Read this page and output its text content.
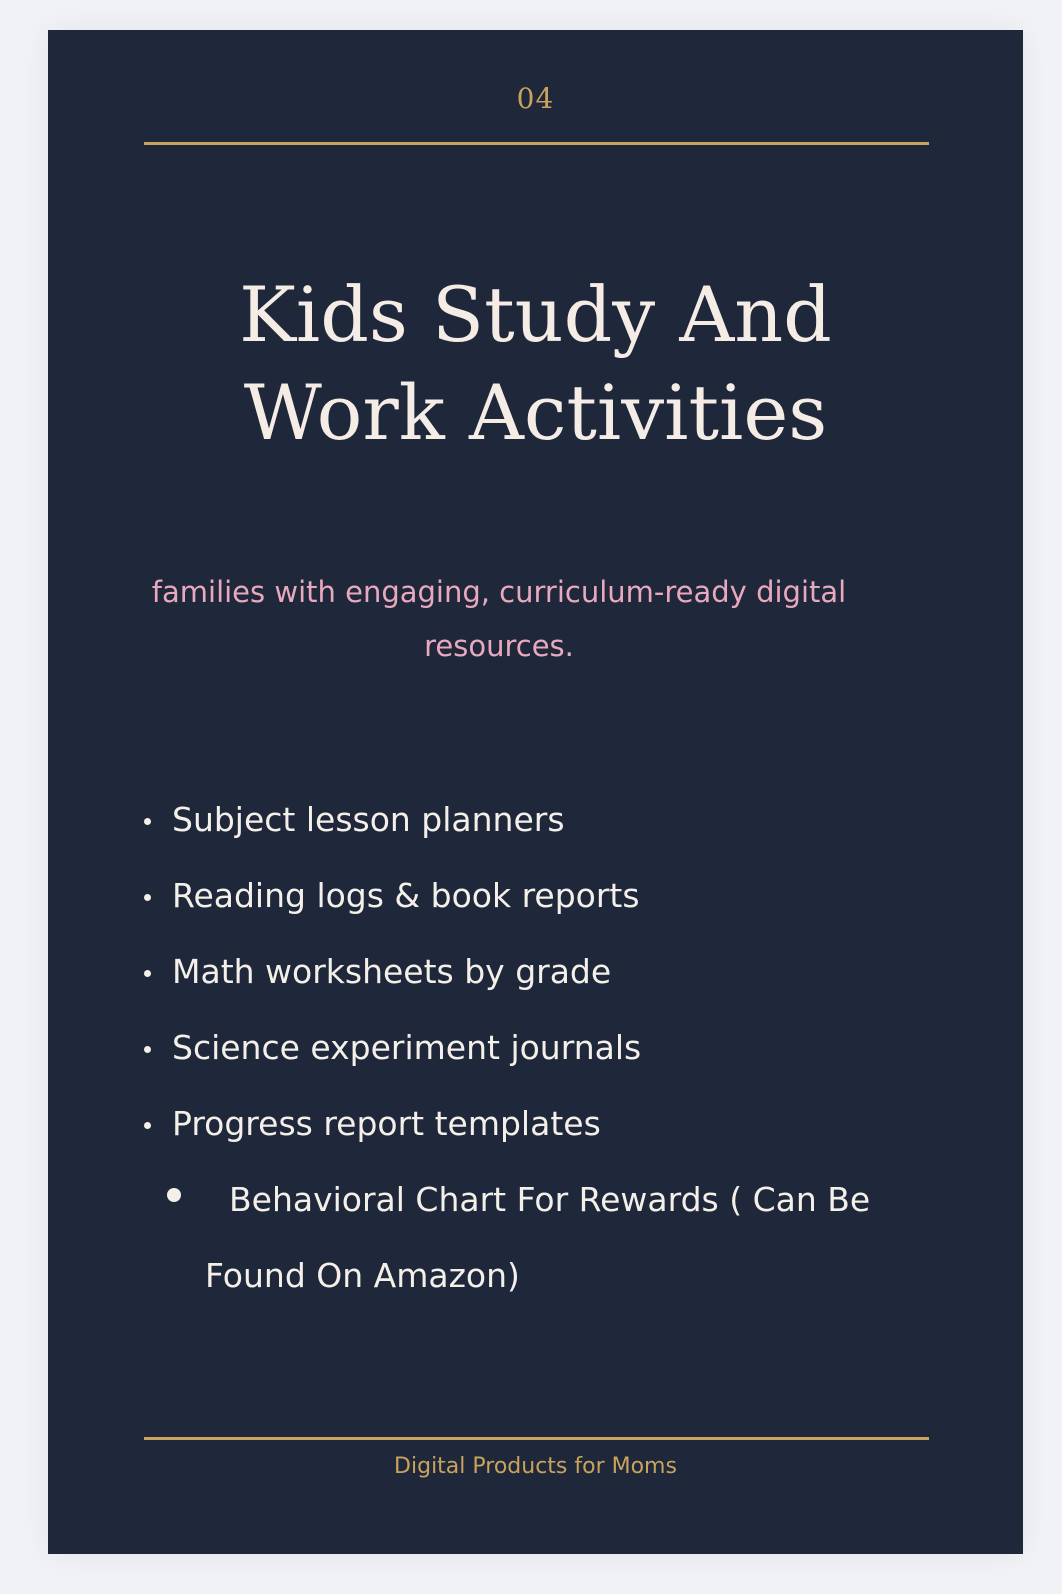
04
Kids Study And Work Activities

families with engaging, curriculum-ready digital resources.

Subject lesson planners
Reading logs & book reports
Math worksheets by grade
Science experiment journals
Progress report templates

Behavioral Chart For Rewards ( Can Be Found On Amazon)

Digital Products for Moms
